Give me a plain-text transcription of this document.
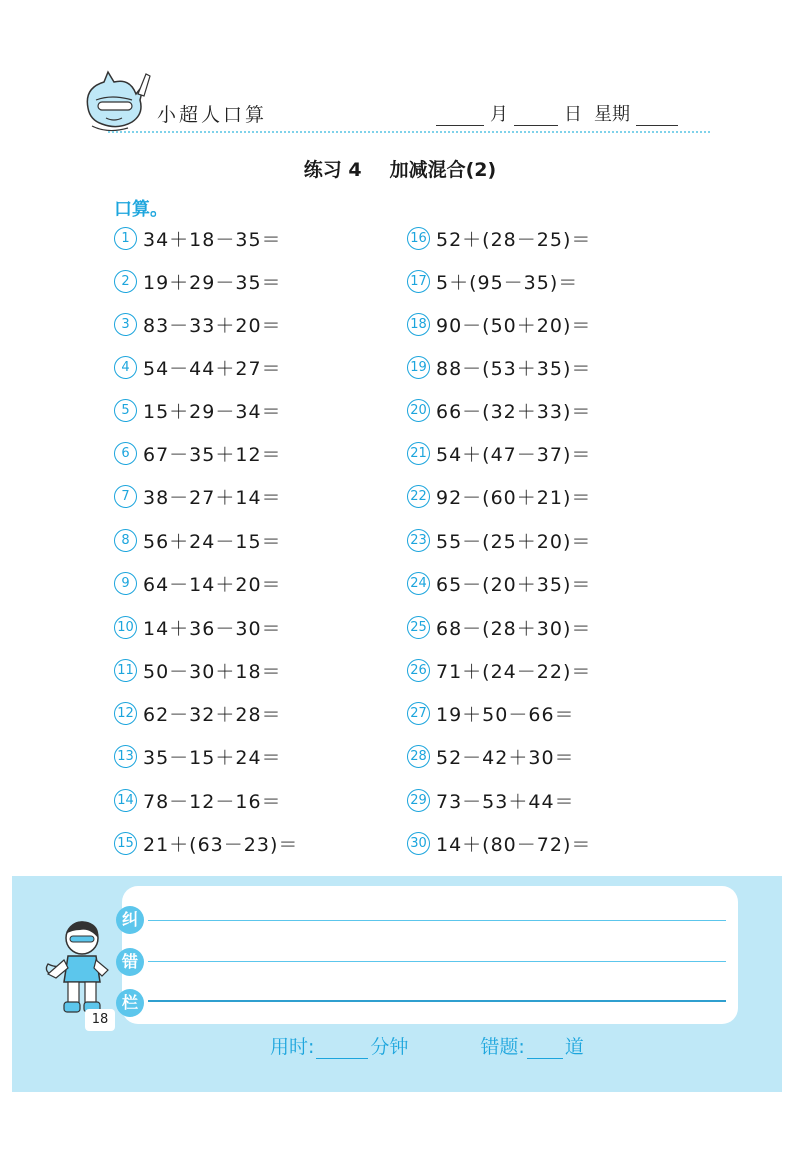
小超人口算	月	日 星期
练习 4 加减混合(2)
口算。
1 34＋18－35＝
2 19＋29－35＝
3 83－33＋20＝
4 54－44＋27＝
5 15＋29－34＝
6 67－35＋12＝
7 38－27＋14＝
8 56＋24－15＝
9 64－14＋20＝
10 14＋36－30＝
11 50－30＋18＝
12 62－32＋28＝
13 35－15＋24＝
14 78－12－16＝
15 21＋(63－23)＝
16 52＋(28－25)＝
17 5＋(95－35)＝
18 90－(50＋20)＝
19 88－(53＋35)＝
20 66－(32＋33)＝
21 54＋(47－37)＝
22 92－(60＋21)＝
23 55－(25＋20)＝
24 65－(20＋35)＝
25 68－(28＋30)＝
26 71＋(24－22)＝
27 19＋50－66＝
28 52－42＋30＝
29 73－53＋44＝
30 14＋(80－72)＝
纠
错
栏
18
用时:	分钟	错题: 道
